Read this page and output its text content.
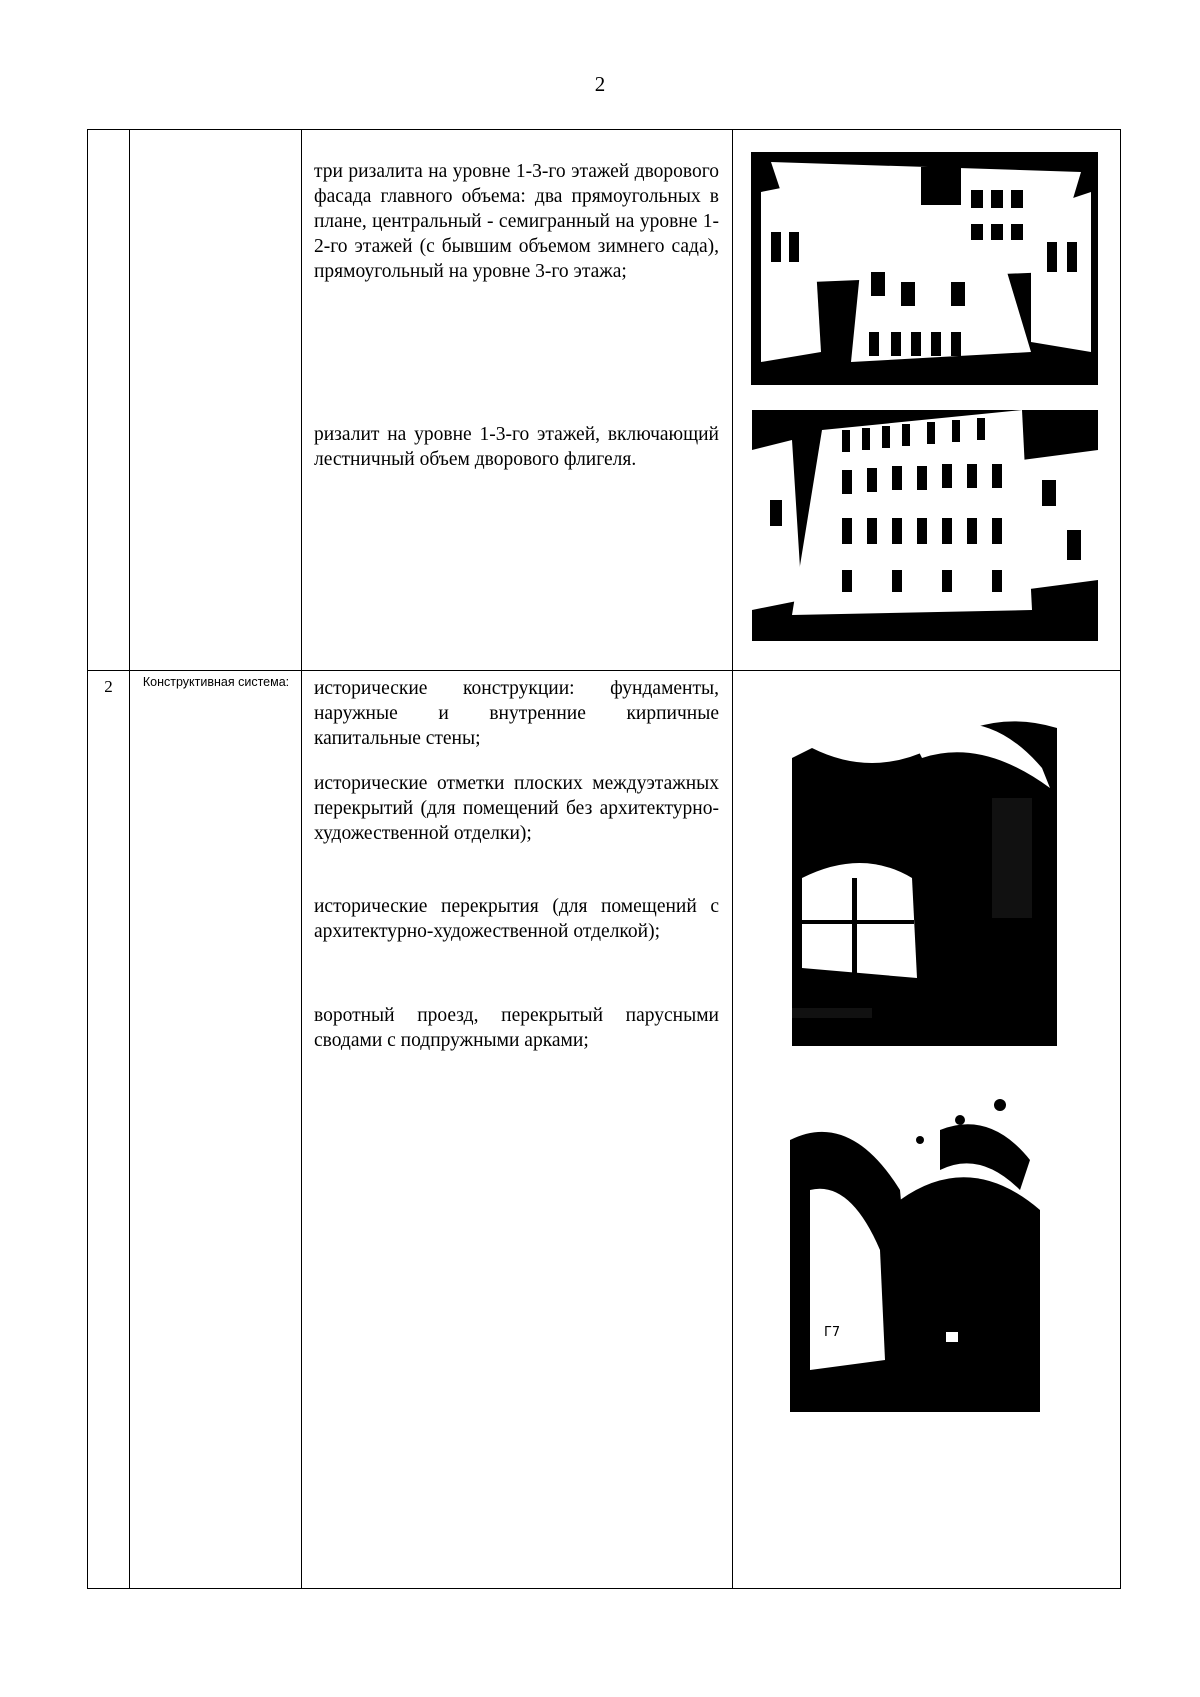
2

три ризалита на уровне 1-3-го этажей дворового фасада главного объема: два прямоугольных в плане, центральный - семигранный на уровне 1-2-го этажей (с бывшим объемом зимнего сада), прямоугольный на уровне 3-го этажа;

ризалит на уровне 1-3-го этажей, включающий лестничный объем дворового флигеля.

2	Конструктивная система:	исторические конструкции: фундаменты, наружные и внутренние кирпичные капитальные стены;

исторические отметки плоских междуэтажных перекрытий (для помещений без архитектурно-художественной отделки);

исторические перекрытия (для помещений с архитектурно-художественной отделкой);

воротный проезд, перекрытый парусными сводами с подпружными арками;

Г7
